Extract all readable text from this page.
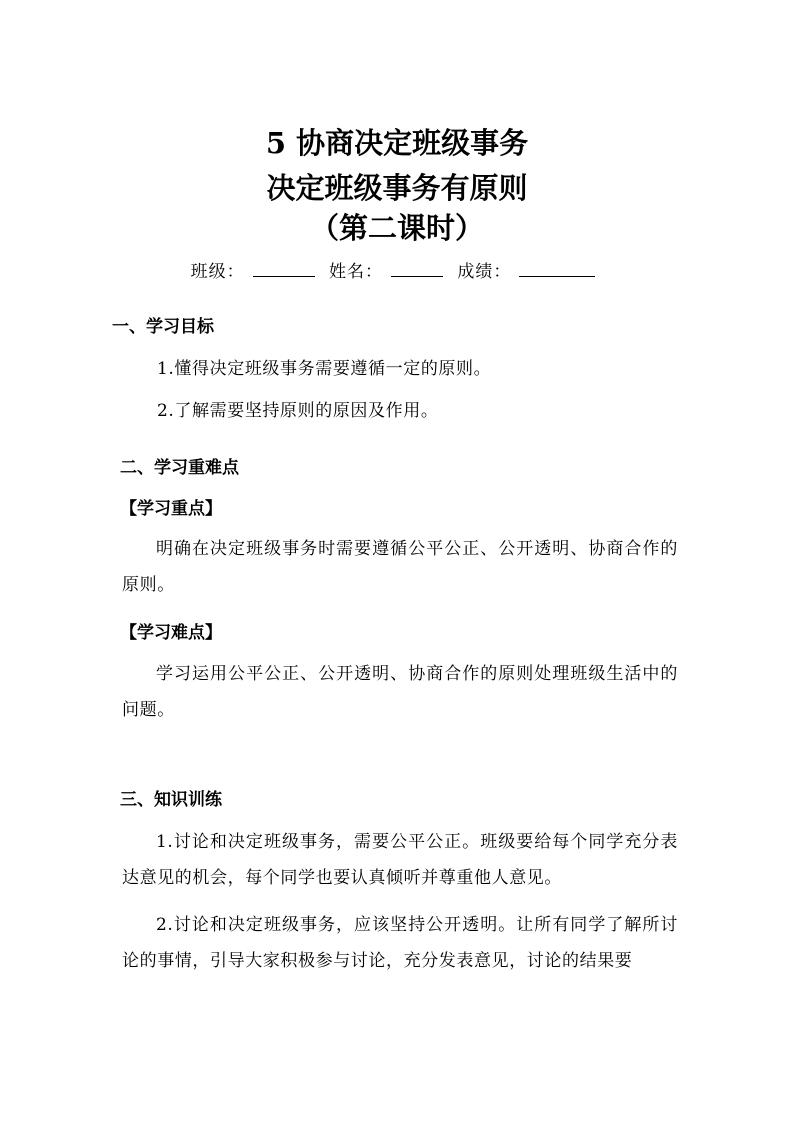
5 协商决定班级事务
决定班级事务有原则
（第二课时）
班级：	姓名：	成绩：
一、学习目标
1.懂得决定班级事务需要遵循一定的原则。
2.了解需要坚持原则的原因及作用。
二、学习重难点
【学习重点】
明确在决定班级事务时需要遵循公平公正、公开透明、协商合作的原则。
【学习难点】
学习运用公平公正、公开透明、协商合作的原则处理班级生活中的问题。
三、知识训练
1.讨论和决定班级事务，需要公平公正。班级要给每个同学充分表达意见的机会，每个同学也要认真倾听并尊重他人意见。
2.讨论和决定班级事务，应该坚持公开透明。让所有同学了解所讨论的事情，引导大家积极参与讨论，充分发表意见，讨论的结果要
